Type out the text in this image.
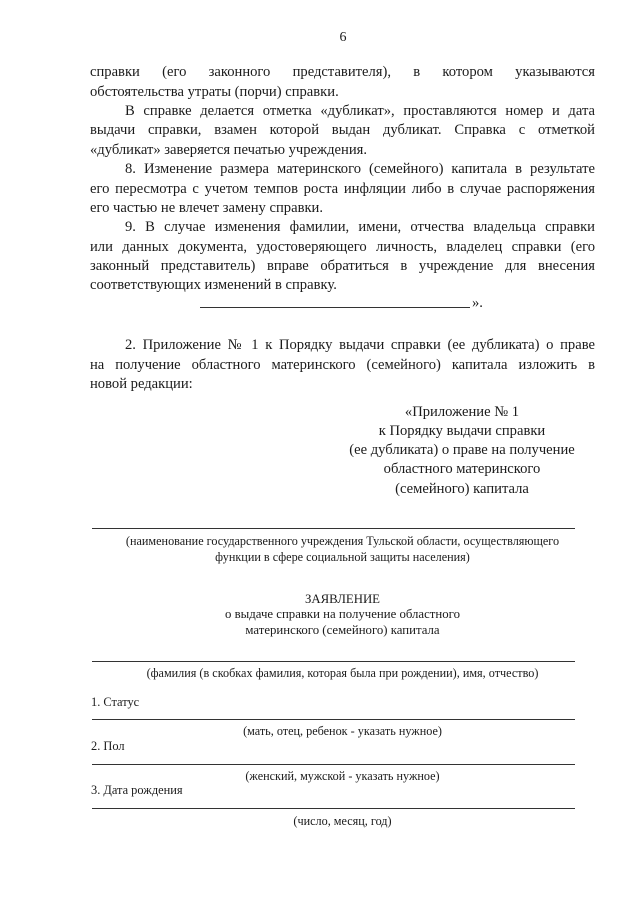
6
справки (его законного представителя), в котором указываются
обстоятельства утраты (порчи) справки.
В справке делается отметка «дубликат», проставляются номер и дата
выдачи справки, взамен которой выдан дубликат. Справка с отметкой
«дубликат» заверяется печатью учреждения.
8. Изменение размера материнского (семейного) капитала в результате
его пересмотра с учетом темпов роста инфляции либо в случае распоряжения
его частью не влечет замену справки.
9. В случае изменения фамилии, имени, отчества владельца справки
или данных документа, удостоверяющего личность, владелец справки (его
законный представитель) вправе обратиться в учреждение для внесения
соответствующих изменений в справку.
».
2. Приложение № 1 к Порядку выдачи справки (ее дубликата) о праве
на получение областного материнского (семейного) капитала изложить в
новой редакции:
«Приложение № 1
к Порядку выдачи справки
(ее дубликата) о праве на получение
областного материнского
(семейного) капитала
(наименование государственного учреждения Тульской области, осуществляющего
функции в сфере социальной защиты населения)
ЗАЯВЛЕНИЕ
о выдаче справки на получение областного
материнского (семейного) капитала
(фамилия (в скобках фамилия, которая была при рождении), имя, отчество)
1. Статус
(мать, отец, ребенок - указать нужное)
2. Пол
(женский, мужской - указать нужное)
3. Дата рождения
(число, месяц, год)
